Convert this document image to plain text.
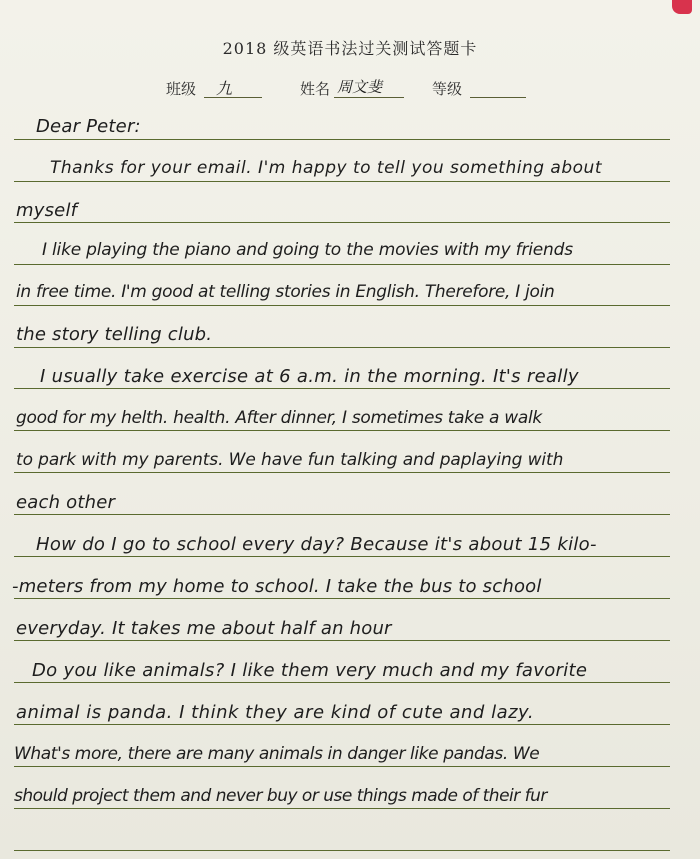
2018 级英语书法过关测试答题卡
班级 九	姓名 周文斐	等级
Dear Peter:
Thanks for your email. I'm happy to tell you something about
myself
I like playing the piano and going to the movies with my friends
in free time. I'm good at telling stories in English. Therefore, I join
the story telling club.
I usually take exercise at 6 a.m. in the morning. It's really
good for my helth. health. After dinner, I sometimes take a walk
to park with my parents. We have fun talking and paplaying with
each other
How do I go to school every day? Because it's about 15 kilo-
-meters from my home to school. I take the bus to school
everyday. It takes me about half an hour
Do you like animals? I like them very much and my favorite
animal is panda. I think they are kind of cute and lazy.
What's more, there are many animals in danger like pandas. We
should project them and never buy or use things made of their fur
